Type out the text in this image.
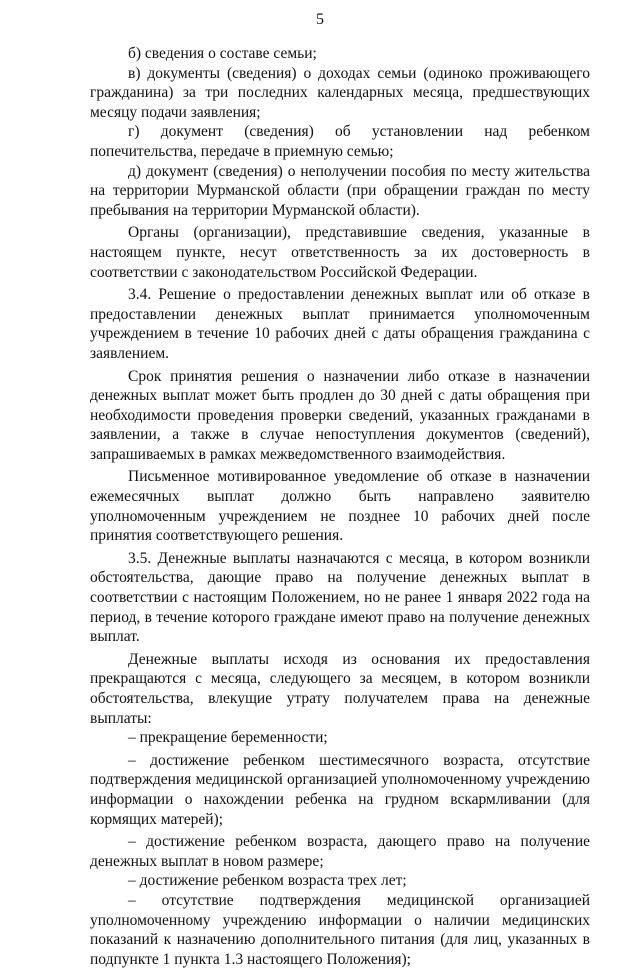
5

б) сведения о составе семьи;

в) документы (сведения) о доходах семьи (одиноко проживающего гражданина) за три последних календарных месяца, предшествующих месяцу подачи заявления;

г) документ (сведения) об установлении над ребенком попечительства, передаче в приемную семью;

д) документ (сведения) о неполучении пособия по месту жительства на территории Мурманской области (при обращении граждан по месту пребывания на территории Мурманской области).

Органы (организации), представившие сведения, указанные в настоящем пункте, несут ответственность за их достоверность в соответствии с законодательством Российской Федерации.

3.4. Решение о предоставлении денежных выплат или об отказе в предоставлении денежных выплат принимается уполномоченным учреждением в течение 10 рабочих дней с даты обращения гражданина с заявлением.

Срок принятия решения о назначении либо отказе в назначении денежных выплат может быть продлен до 30 дней с даты обращения при необходимости проведения проверки сведений, указанных гражданами в заявлении, а также в случае непоступления документов (сведений), запрашиваемых в рамках межведомственного взаимодействия.

Письменное мотивированное уведомление об отказе в назначении ежемесячных выплат должно быть направлено заявителю уполномоченным учреждением не позднее 10 рабочих дней после принятия соответствующего решения.

3.5. Денежные выплаты назначаются с месяца, в котором возникли обстоятельства, дающие право на получение денежных выплат в соответствии с настоящим Положением, но не ранее 1 января 2022 года на период, в течение которого граждане имеют право на получение денежных выплат.

Денежные выплаты исходя из основания их предоставления прекращаются с месяца, следующего за месяцем, в котором возникли обстоятельства, влекущие утрату получателем права на денежные выплаты:

– прекращение беременности;

– достижение ребенком шестимесячного возраста, отсутствие подтверждения медицинской организацией уполномоченному учреждению информации о нахождении ребенка на грудном вскармливании (для кормящих матерей);

– достижение ребенком возраста, дающего право на получение денежных выплат в новом размере;

– достижение ребенком возраста трех лет;

– отсутствие подтверждения медицинской организацией уполномоченному учреждению информации о наличии медицинских показаний к назначению дополнительного питания (для лиц, указанных в подпункте 1 пункта 1.3 настоящего Положения);
